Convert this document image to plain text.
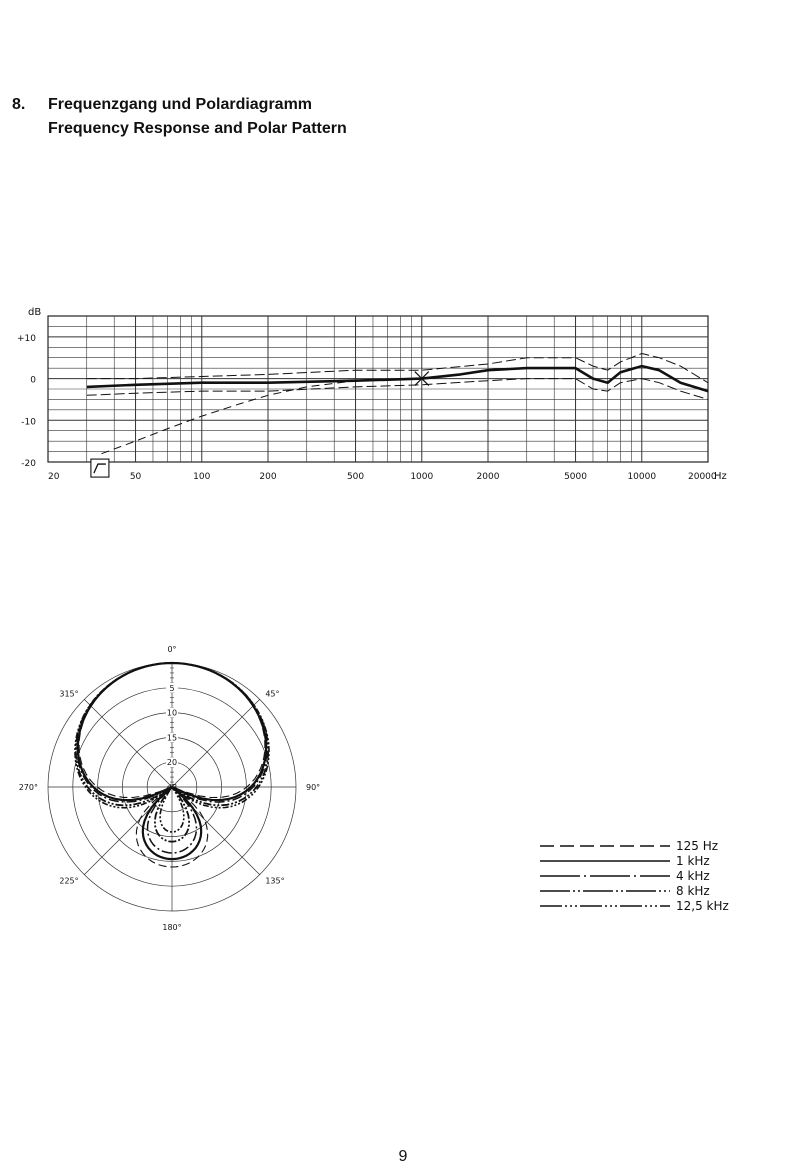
8. Frequenzgang und Polardiagramm
Frequency Response and Polar Pattern
dB
+10
0
-10
-20
20	50	100	200	500	1000	2000	5000	10000	20000
Hz
0°
45°
90°
135°
180°
225°
270°
315°
5
10
15
20
dB
125 Hz
1 kHz
4 kHz
8 kHz
12,5 kHz
9
